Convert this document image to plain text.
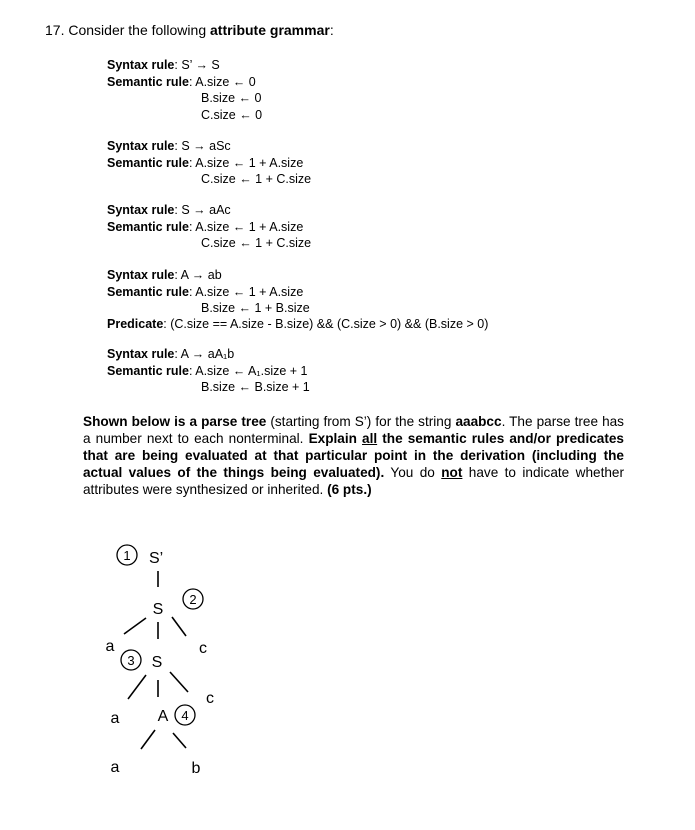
17. Consider the following attribute grammar:
Syntax rule: S’ → S
Semantic rule: A.size ← 0
B.size ← 0
C.size ← 0
Syntax rule: S → aSc
Semantic rule: A.size ← 1 + A.size
C.size ← 1 + C.size
Syntax rule: S → aAc
Semantic rule: A.size ← 1 + A.size
C.size ← 1 + C.size
Syntax rule: A → ab
Semantic rule: A.size ← 1 + A.size
B.size ← 1 + B.size
Predicate: (C.size == A.size - B.size) && (C.size > 0) && (B.size > 0)
Syntax rule: A → aA₁b
Semantic rule: A.size ← A₁.size + 1
B.size ← B.size + 1
Shown below is a parse tree (starting from S’) for the string aaabcc. The parse tree has a number next to each nonterminal. Explain all the semantic rules and/or predicates that are being evaluated at that particular point in the derivation (including the actual values of the things being evaluated). You do not have to indicate whether attributes were synthesized or inherited. (6 pts.)
1 S’
S
2
a	c
3 S
a
c
A 4
a	b
